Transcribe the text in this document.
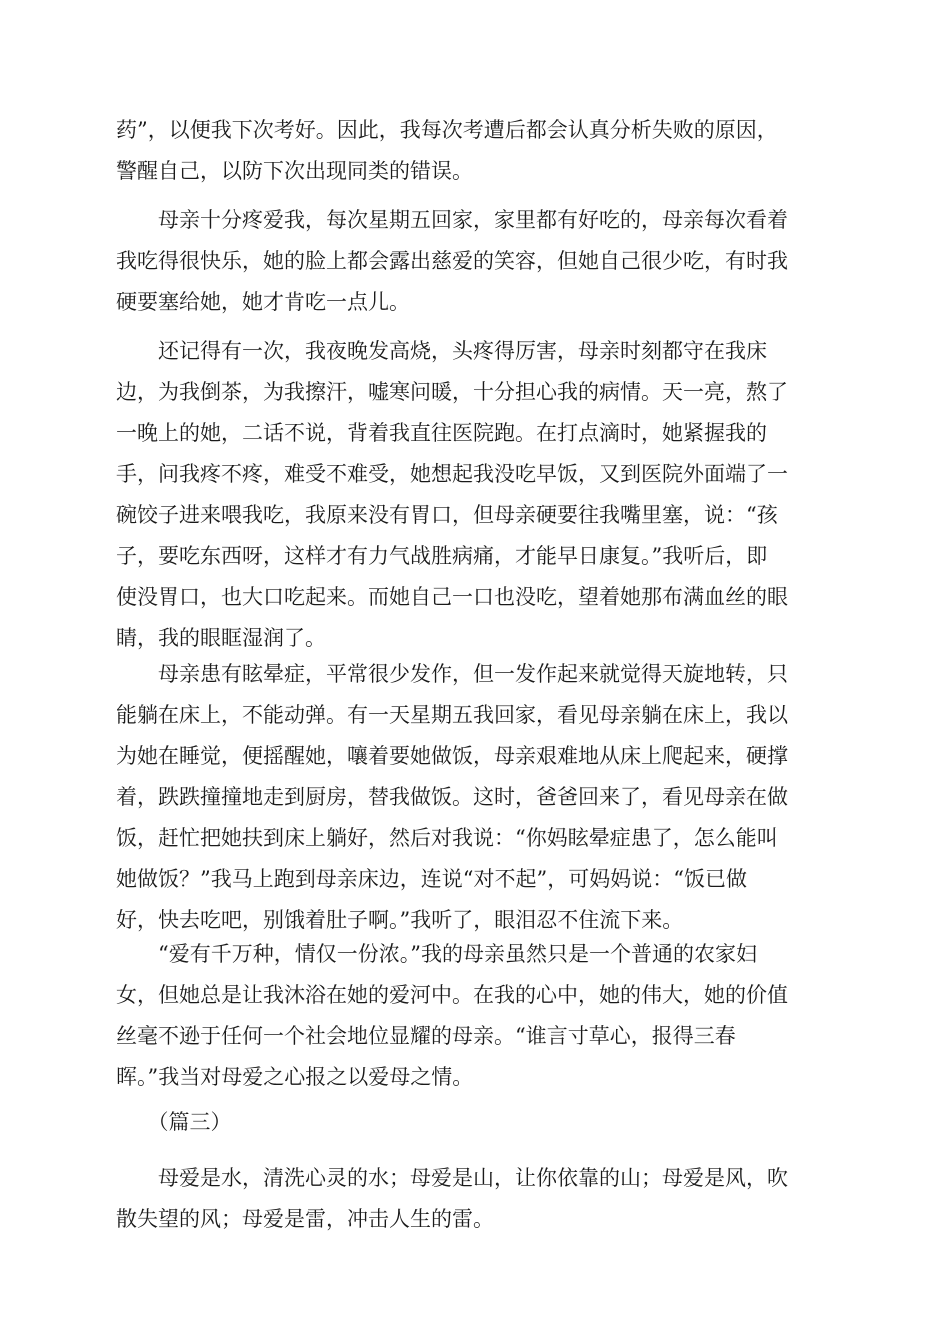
药”，以便我下次考好。因此，我每次考遭后都会认真分析失败的原因，
警醒自己，以防下次出现同类的错误。

　　母亲十分疼爱我，每次星期五回家，家里都有好吃的，母亲每次看着
我吃得很快乐，她的脸上都会露出慈爱的笑容，但她自己很少吃，有时我
硬要塞给她，她才肯吃一点儿。

　　还记得有一次，我夜晚发高烧，头疼得厉害，母亲时刻都守在我床
边，为我倒茶，为我擦汗，嘘寒问暖，十分担心我的病情。天一亮，熬了
一晚上的她，二话不说，背着我直往医院跑。在打点滴时，她紧握我的
手，问我疼不疼，难受不难受，她想起我没吃早饭，又到医院外面端了一
碗饺子进来喂我吃，我原来没有胃口，但母亲硬要往我嘴里塞，说：“孩
子，要吃东西呀，这样才有力气战胜病痛，才能早日康复。”我听后，即
使没胃口，也大口吃起来。而她自己一口也没吃，望着她那布满血丝的眼
睛，我的眼眶湿润了。

　　母亲患有眩晕症，平常很少发作，但一发作起来就觉得天旋地转，只
能躺在床上，不能动弹。有一天星期五我回家，看见母亲躺在床上，我以
为她在睡觉，便摇醒她，嚷着要她做饭，母亲艰难地从床上爬起来，硬撑
着，跌跌撞撞地走到厨房，替我做饭。这时，爸爸回来了，看见母亲在做
饭，赶忙把她扶到床上躺好，然后对我说：“你妈眩晕症患了，怎么能叫
她做饭？”我马上跑到母亲床边，连说“对不起”，可妈妈说：“饭已做
好，快去吃吧，别饿着肚子啊。”我听了，眼泪忍不住流下来。

　　“爱有千万种，情仅一份浓。”我的母亲虽然只是一个普通的农家妇
女，但她总是让我沐浴在她的爱河中。在我的心中，她的伟大，她的价值
丝毫不逊于任何一个社会地位显耀的母亲。“谁言寸草心，报得三春
晖。”我当对母爱之心报之以爱母之情。

　　（篇三）

　　母爱是水，清洗心灵的水；母爱是山，让你依靠的山；母爱是风，吹
散失望的风；母爱是雷，冲击人生的雷。
